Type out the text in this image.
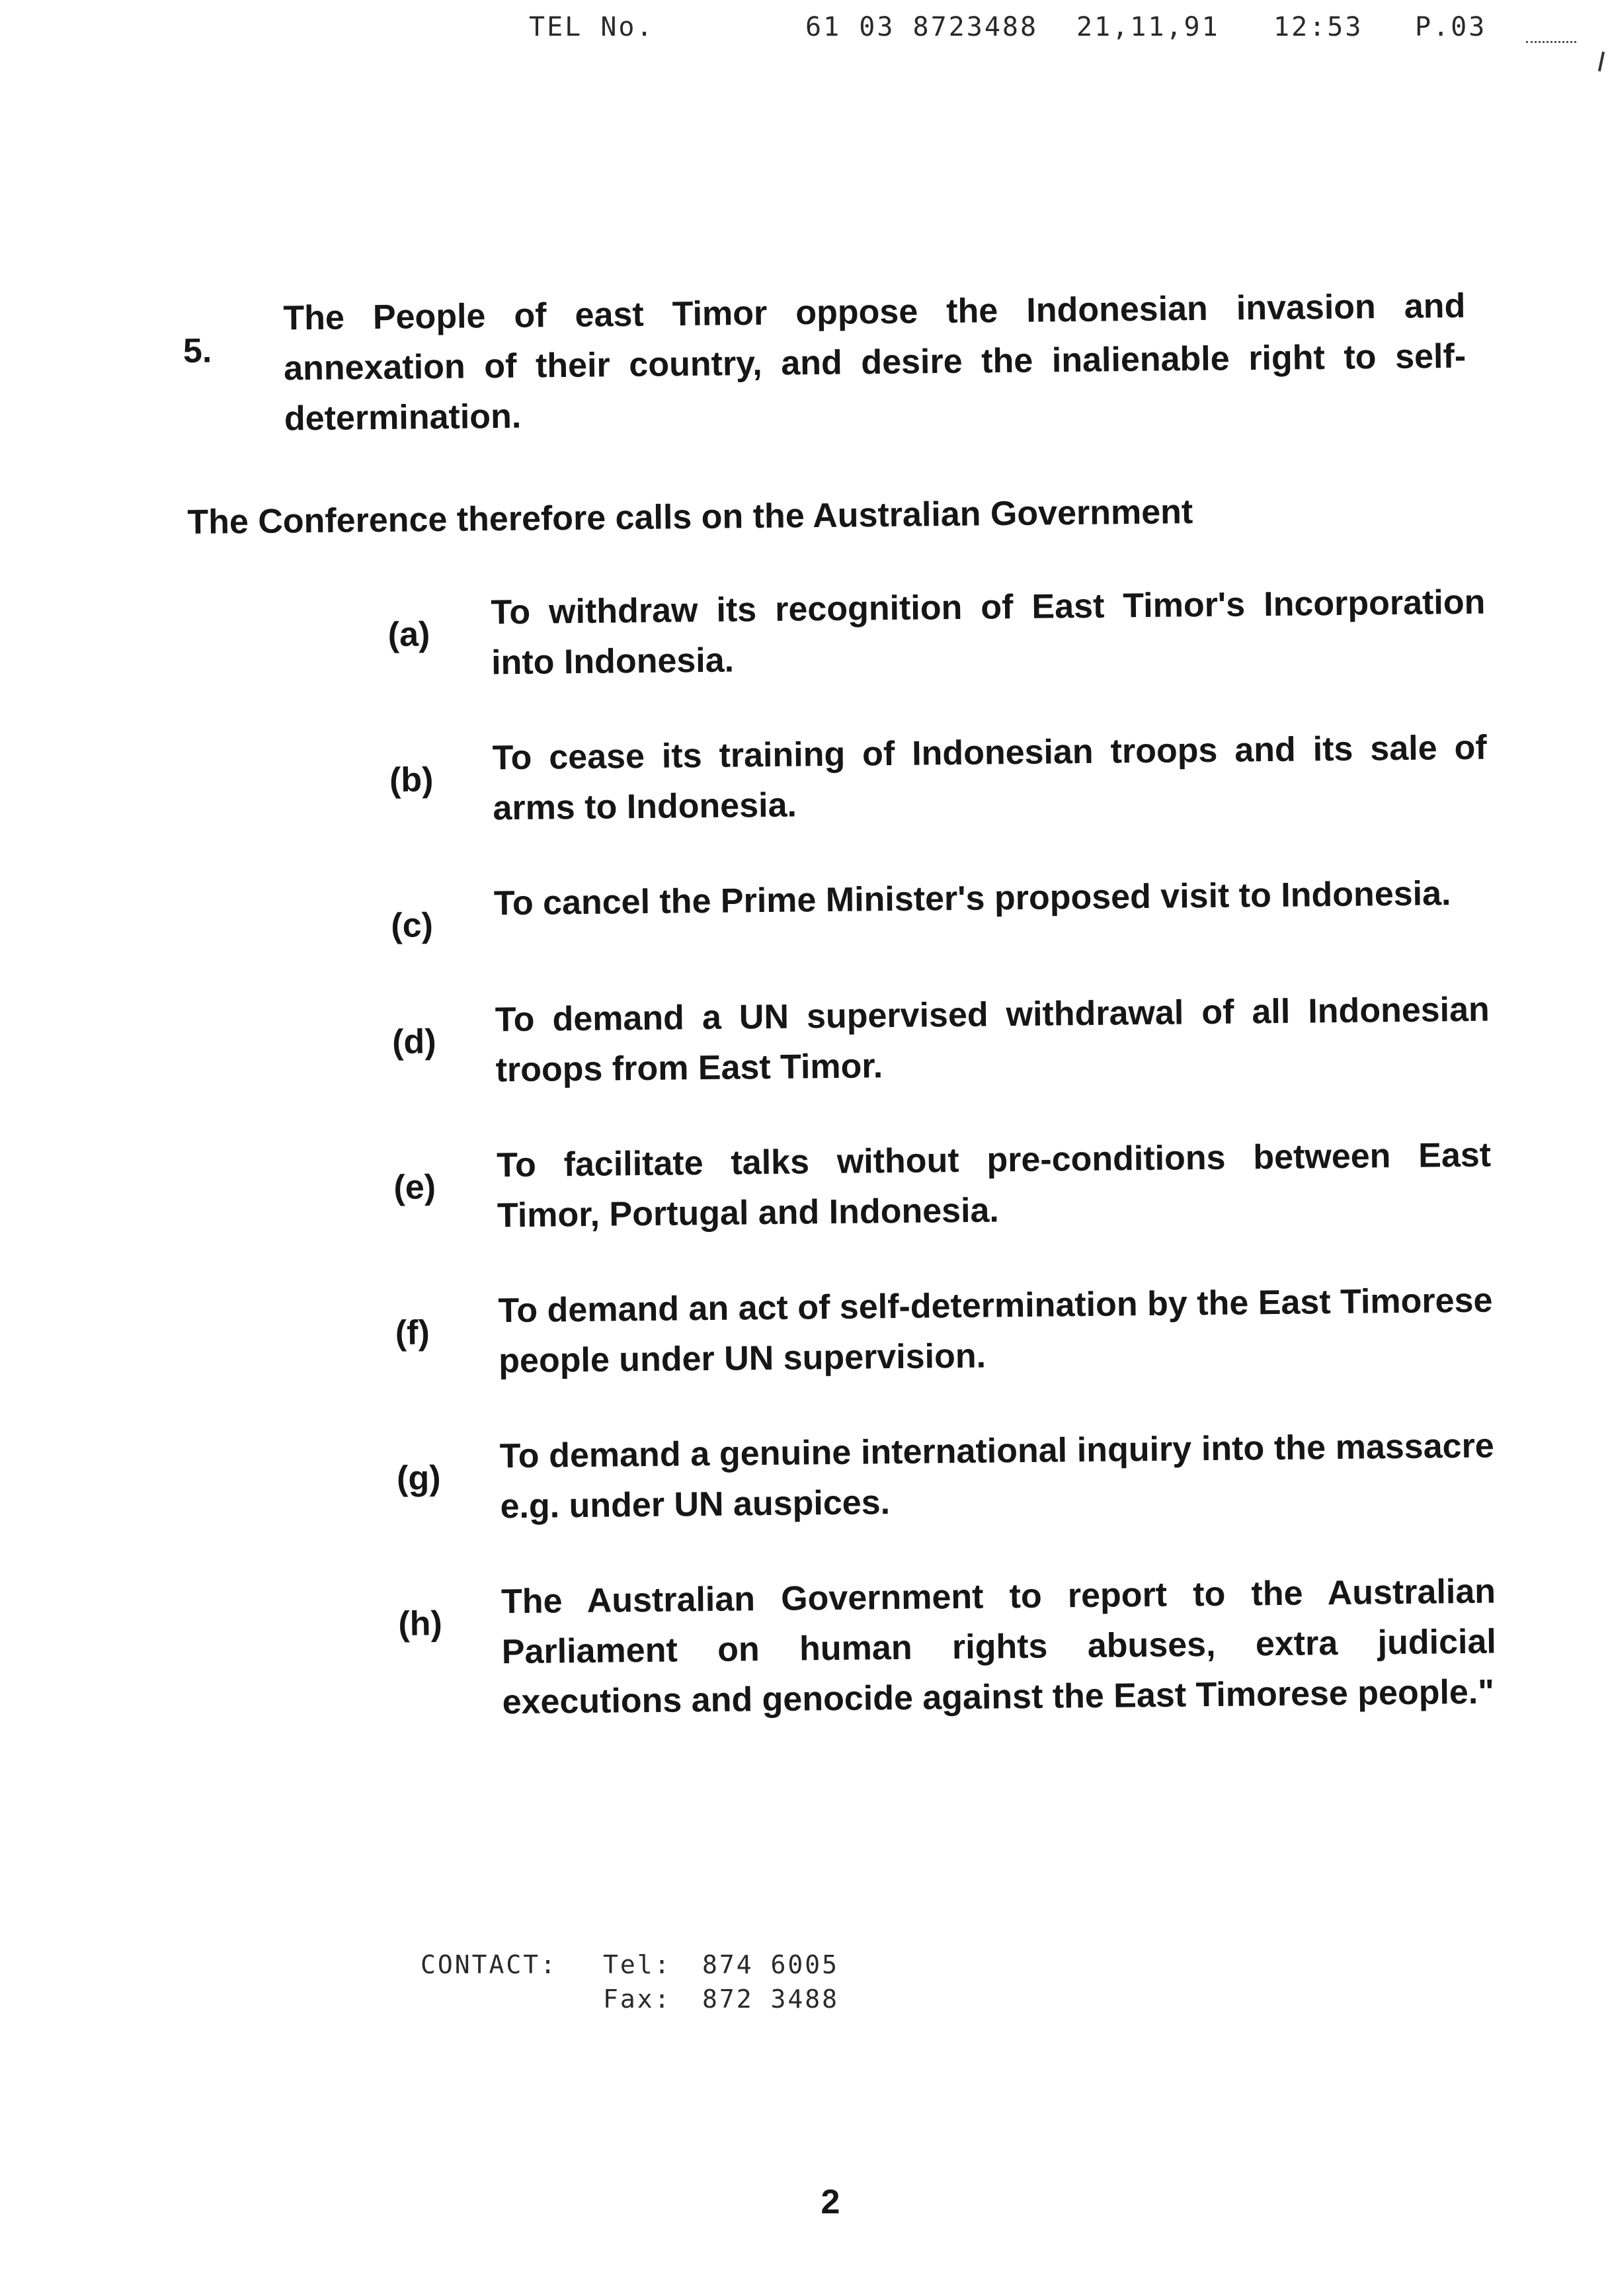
TEL No.	61 03 8723488 21,11,91 12:53 P.03
5.
The People of east Timor oppose the Indonesian invasion and annexation of their country, and desire the inalienable right to self-determination.
The Conference therefore calls on the Australian Government
(a)
To withdraw its recognition of East Timor's Incorporation into Indonesia.
(b)
To cease its training of Indonesian troops and its sale of arms to Indonesia.
(c)
To cancel the Prime Minister's proposed visit to Indonesia.
(d)
To demand a UN supervised withdrawal of all Indonesian troops from East Timor.
(e)
To facilitate talks without pre-conditions between East Timor, Portugal and Indonesia.
(f)
To demand an act of self-determination by the East Timorese people under UN supervision.
(g)
To demand a genuine international inquiry into the massacre e.g. under UN auspices.
(h)
The Australian Government to report to the Australian Parliament on human rights abuses, extra judicial executions and genocide against the East Timorese people."
CONTACT: Tel: 874 6005
Fax: 872 3488
2
